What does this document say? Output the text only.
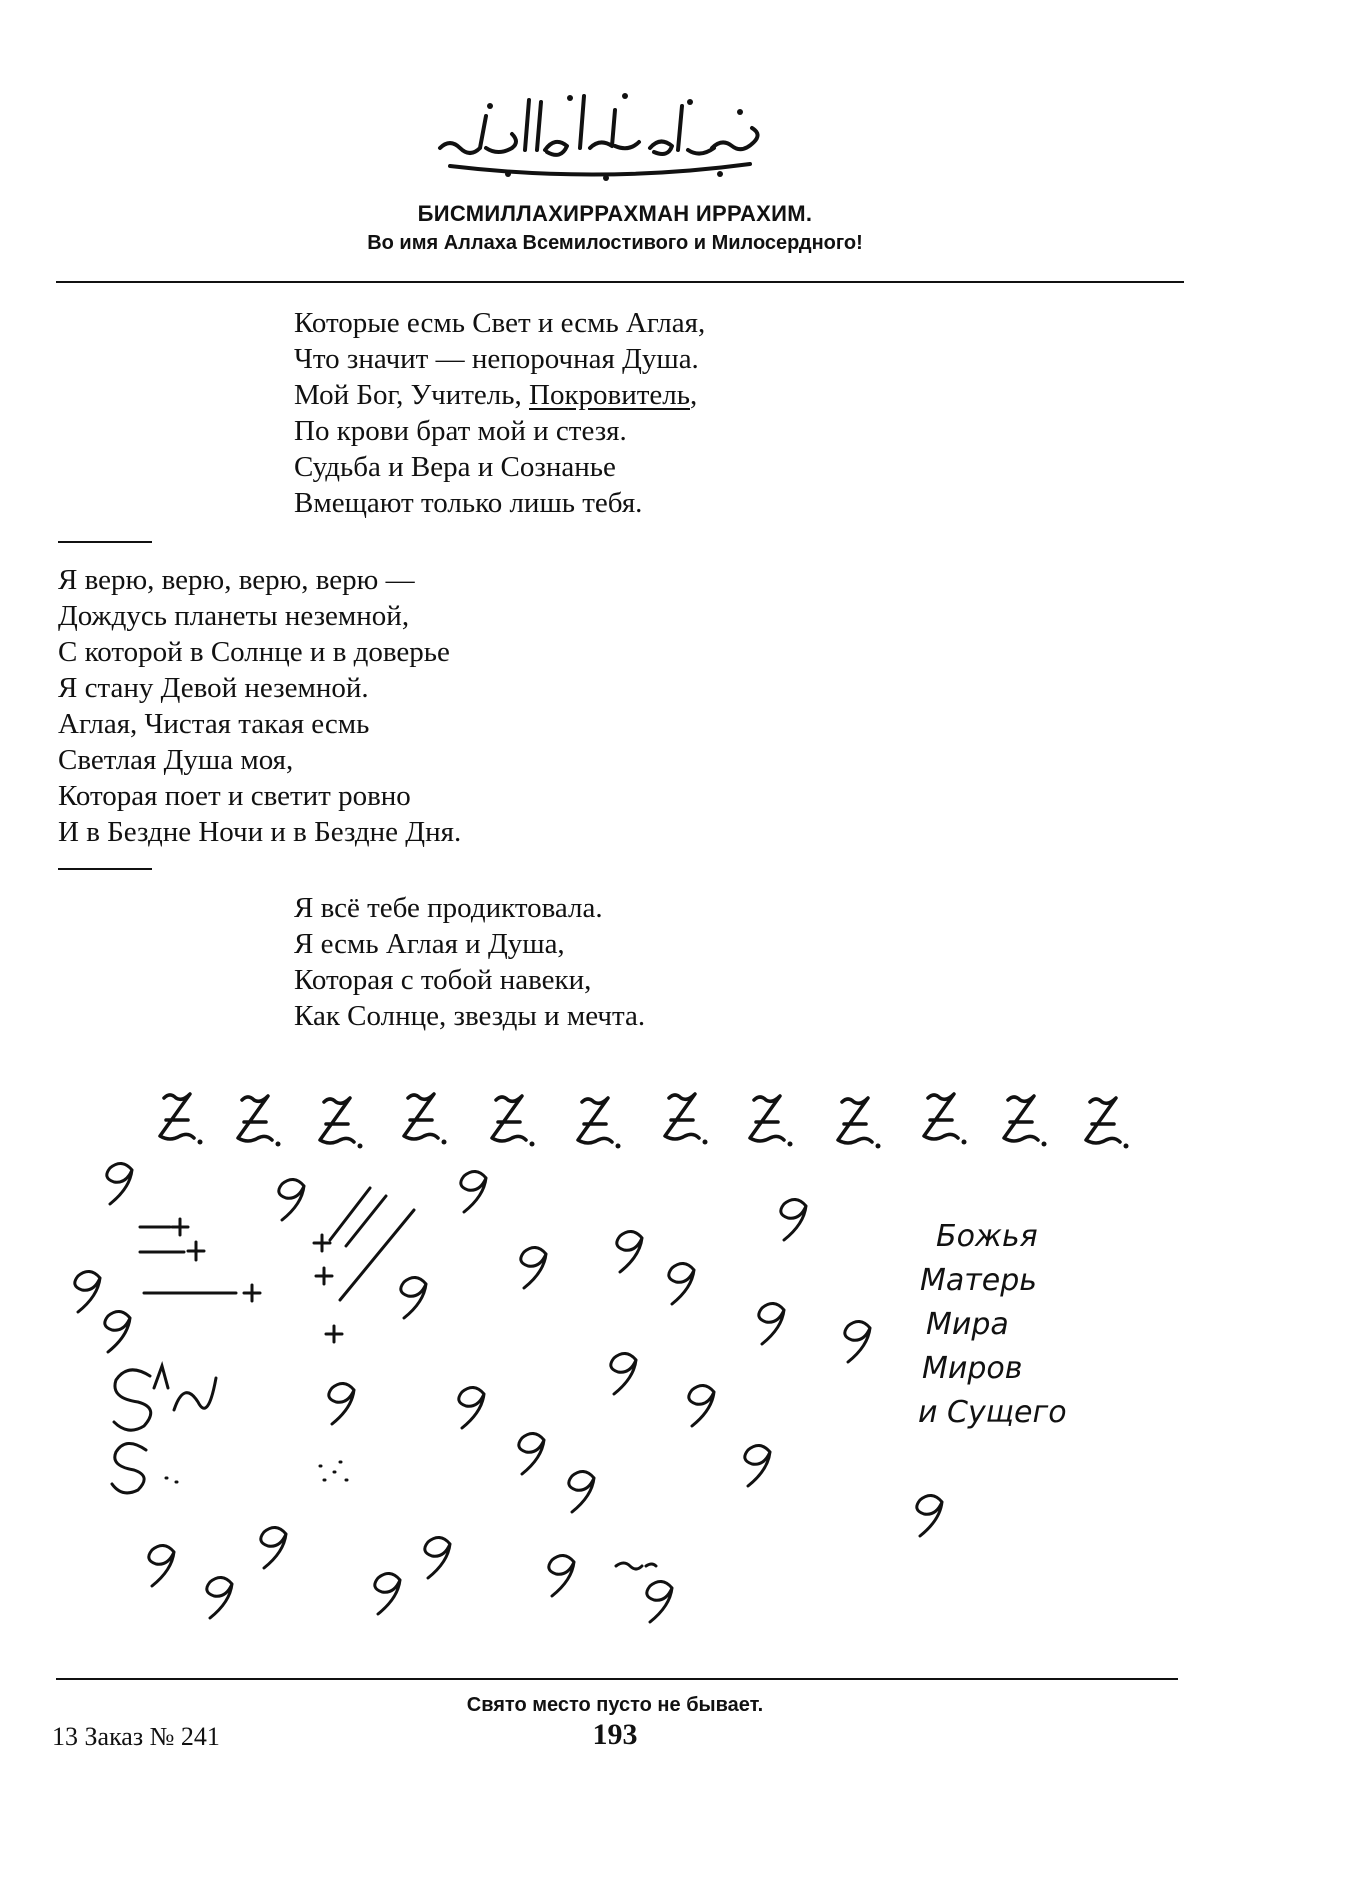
БИСМИЛЛАХИРРАХМАН ИРРАХИМ.
Во имя Аллаха Всемилостивого и Милосердного!
Которые есмь Свет и есмь Аглая,
Что значит — непорочная Душа.
Мой Бог, Учитель, Покровитель,
По крови брат мой и стезя.
Судьба и Вера и Сознанье
Вмещают только лишь тебя.
Я верю, верю, верю, верю —
Дождусь планеты неземной,
С которой в Солнце и в доверье
Я стану Девой неземной.
Аглая, Чистая такая есмь
Светлая Душа моя,
Которая поет и светит ровно
И в Бездне Ночи и в Бездне Дня.
Я всё тебе продиктовала.
Я есмь Аглая и Душа,
Которая с тобой навеки,
Как Солнце, звезды и мечта.
Божья
Матерь
Мира
Миров
и Сущего
Свято место пусто не бывает.
13 Заказ № 241	193
